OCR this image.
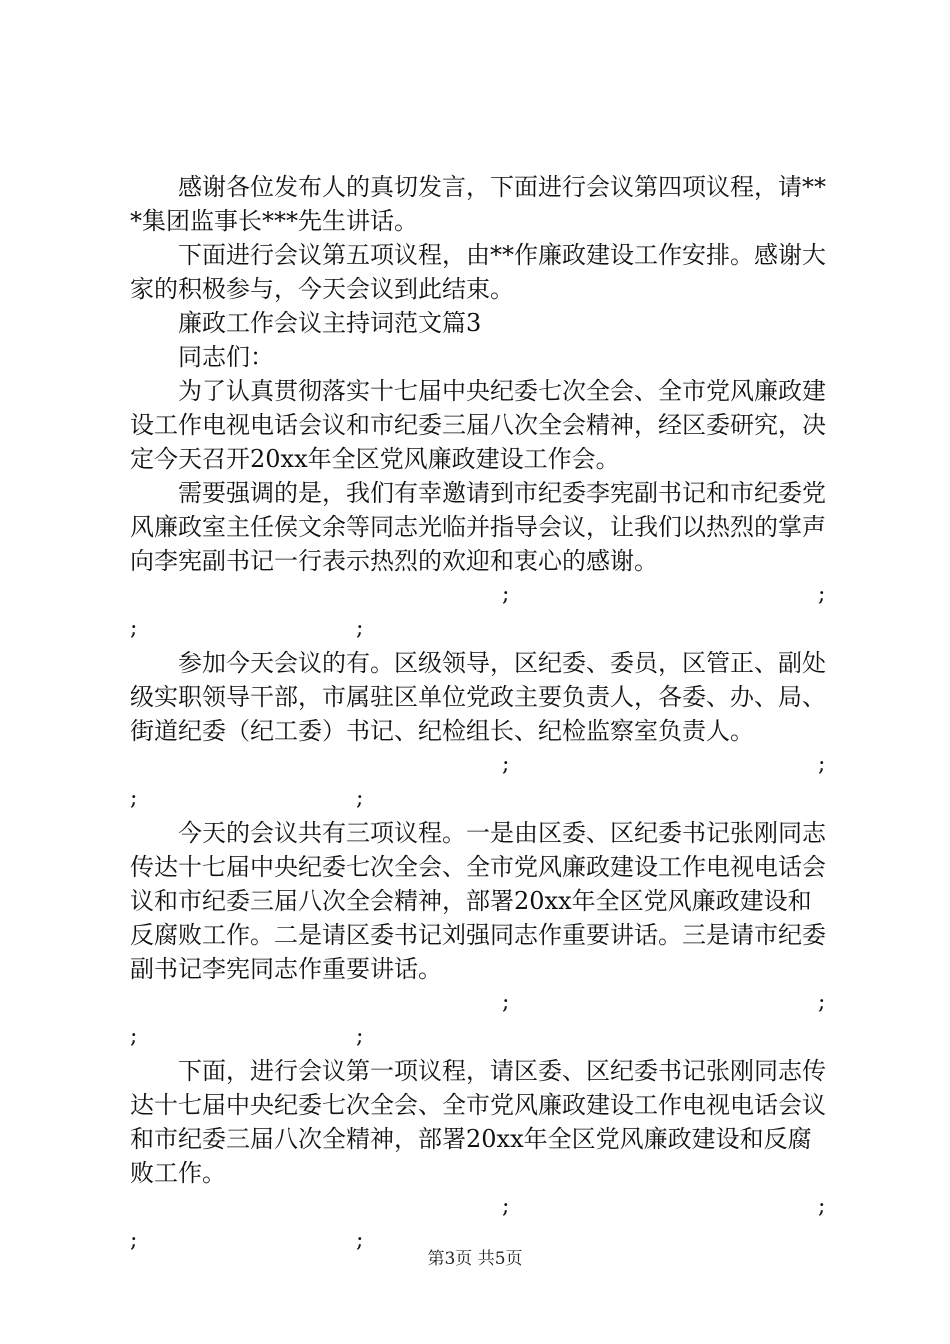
感谢各位发布人的真切发言，下面进行会议第四项议程，请***集团监事长***先生讲话。

下面进行会议第五项议程，由**作廉政建设工作安排。感谢大家的积极参与，今天会议到此结束。

廉政工作会议主持词范文篇3

同志们：

为了认真贯彻落实十七届中央纪委七次全会、全市党风廉政建设工作电视电话会议和市纪委三届八次全会精神，经区委研究，决定今天召开20xx年全区党风廉政建设工作会。

需要强调的是，我们有幸邀请到市纪委李宪副书记和市纪委党风廉政室主任侯文余等同志光临并指导会议，让我们以热烈的掌声向李宪副书记一行表示热烈的欢迎和衷心的感谢。

;	;
;	;

参加今天会议的有。区级领导，区纪委、委员，区管正、副处级实职领导干部，市属驻区单位党政主要负责人，各委、办、局、街道纪委（纪工委）书记、纪检组长、纪检监察室负责人。

;	;
;	;

今天的会议共有三项议程。一是由区委、区纪委书记张刚同志传达十七届中央纪委七次全会、全市党风廉政建设工作电视电话会议和市纪委三届八次全会精神，部署20xx年全区党风廉政建设和反腐败工作。二是请区委书记刘强同志作重要讲话。三是请市纪委副书记李宪同志作重要讲话。

;	;
;	;

下面，进行会议第一项议程，请区委、区纪委书记张刚同志传达十七届中央纪委七次全会、全市党风廉政建设工作电视电话会议和市纪委三届八次全精神，部署20xx年全区党风廉政建设和反腐败工作。

;	;
;	;
第3页 共5页
